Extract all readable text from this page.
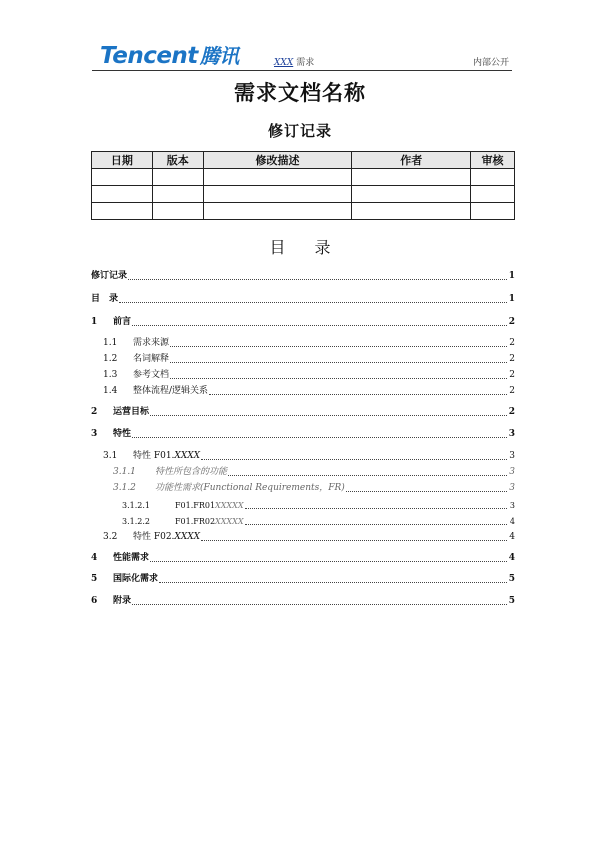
Tencent 腾讯	XXX 需求	内部公开
需求文档名称
修订记录
日期	版本	修改描述	作者	审核

目 录
修订记录	1
目　录	1
1	前言	2
1.1	需求来源	2
1.2	名词解释	2
1.3	参考文档	2
1.4	整体流程/逻辑关系	2
2	运营目标	2
3	特性	3
3.1	特性 F01. XXXX	3
3.1.1	特性所包含的功能	3
3.1.2	功能性需求(Functional Requirements，FR)	3
3.1.2.1	F01.FR01 XXXXX	3
3.1.2.2	F01.FR02 XXXXX	4
3.2	特性 F02. XXXX	4
4	性能需求	4
5	国际化需求	5
6	附录	5
